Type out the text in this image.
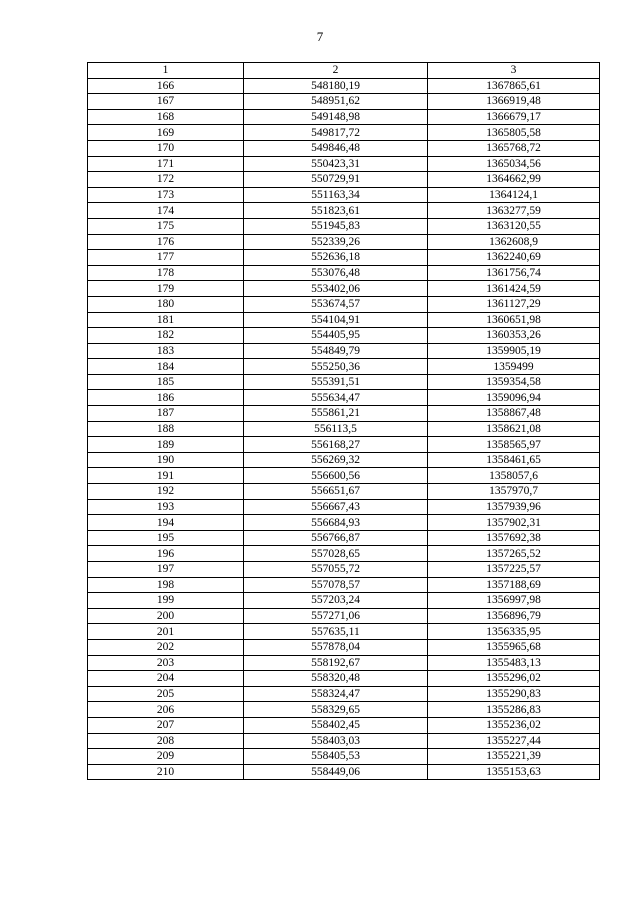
7
1	2	3
166	548180,19	1367865,61
167	548951,62	1366919,48
168	549148,98	1366679,17
169	549817,72	1365805,58
170	549846,48	1365768,72
171	550423,31	1365034,56
172	550729,91	1364662,99
173	551163,34	1364124,1
174	551823,61	1363277,59
175	551945,83	1363120,55
176	552339,26	1362608,9
177	552636,18	1362240,69
178	553076,48	1361756,74
179	553402,06	1361424,59
180	553674,57	1361127,29
181	554104,91	1360651,98
182	554405,95	1360353,26
183	554849,79	1359905,19
184	555250,36	1359499
185	555391,51	1359354,58
186	555634,47	1359096,94
187	555861,21	1358867,48
188	556113,5	1358621,08
189	556168,27	1358565,97
190	556269,32	1358461,65
191	556600,56	1358057,6
192	556651,67	1357970,7
193	556667,43	1357939,96
194	556684,93	1357902,31
195	556766,87	1357692,38
196	557028,65	1357265,52
197	557055,72	1357225,57
198	557078,57	1357188,69
199	557203,24	1356997,98
200	557271,06	1356896,79
201	557635,11	1356335,95
202	557878,04	1355965,68
203	558192,67	1355483,13
204	558320,48	1355296,02
205	558324,47	1355290,83
206	558329,65	1355286,83
207	558402,45	1355236,02
208	558403,03	1355227,44
209	558405,53	1355221,39
210	558449,06	1355153,63
